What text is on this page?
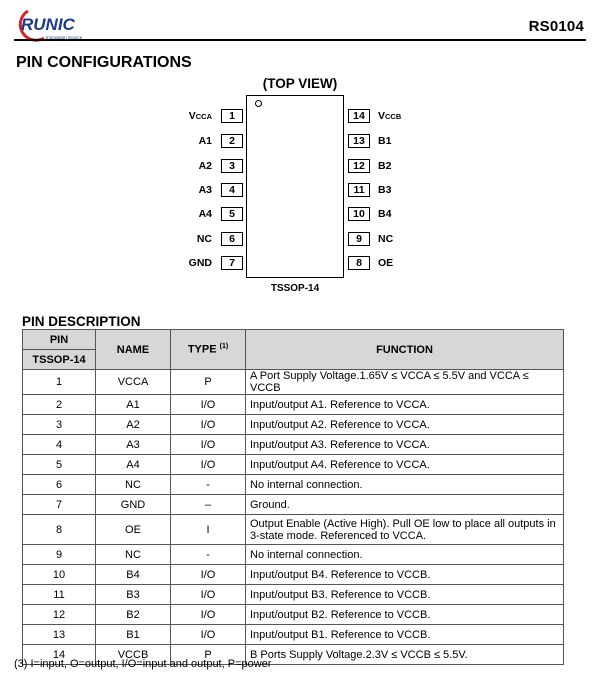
RUNIC
Innovation Source
RS0104
PIN CONFIGURATIONS
(TOP VIEW)
VCCA	1
A1	2
A2	3
A3	4
A4	5
NC	6
GND	7
14	VCCB
13	B1
12	B2
11	B3
10	B4
9	NC
8	OE
TSSOP-14
PIN DESCRIPTION
PIN	NAME	TYPE $^{(1)}$	FUNCTION
TSSOP-14			
1	VCCA	P	A Port Supply Voltage.1.65V ≤ VCCA ≤ 5.5V and VCCA ≤ VCCB
2	A1	I/O	Input/output A1. Reference to VCCA.
3	A2	I/O	Input/output A2. Reference to VCCA.
4	A3	I/O	Input/output A3. Reference to VCCA.
5	A4	I/O	Input/output A4. Reference to VCCA.
6	NC	-	No internal connection.
7	GND	–	Ground.
8	OE	I	Output Enable (Active High). Pull OE low to place all outputs in 3-state mode. Referenced to VCCA.
9	NC	-	No internal connection.
10	B4	I/O	Input/output B4. Reference to VCCB.
11	B3	I/O	Input/output B3. Reference to VCCB.
12	B2	I/O	Input/output B2. Reference to VCCB.
13	B1	I/O	Input/output B1. Reference to VCCB.
14	VCCB	P	B Ports Supply Voltage.2.3V ≤ VCCB ≤ 5.5V.
(3) I=input, O=output, I/O=input and output, P=power
